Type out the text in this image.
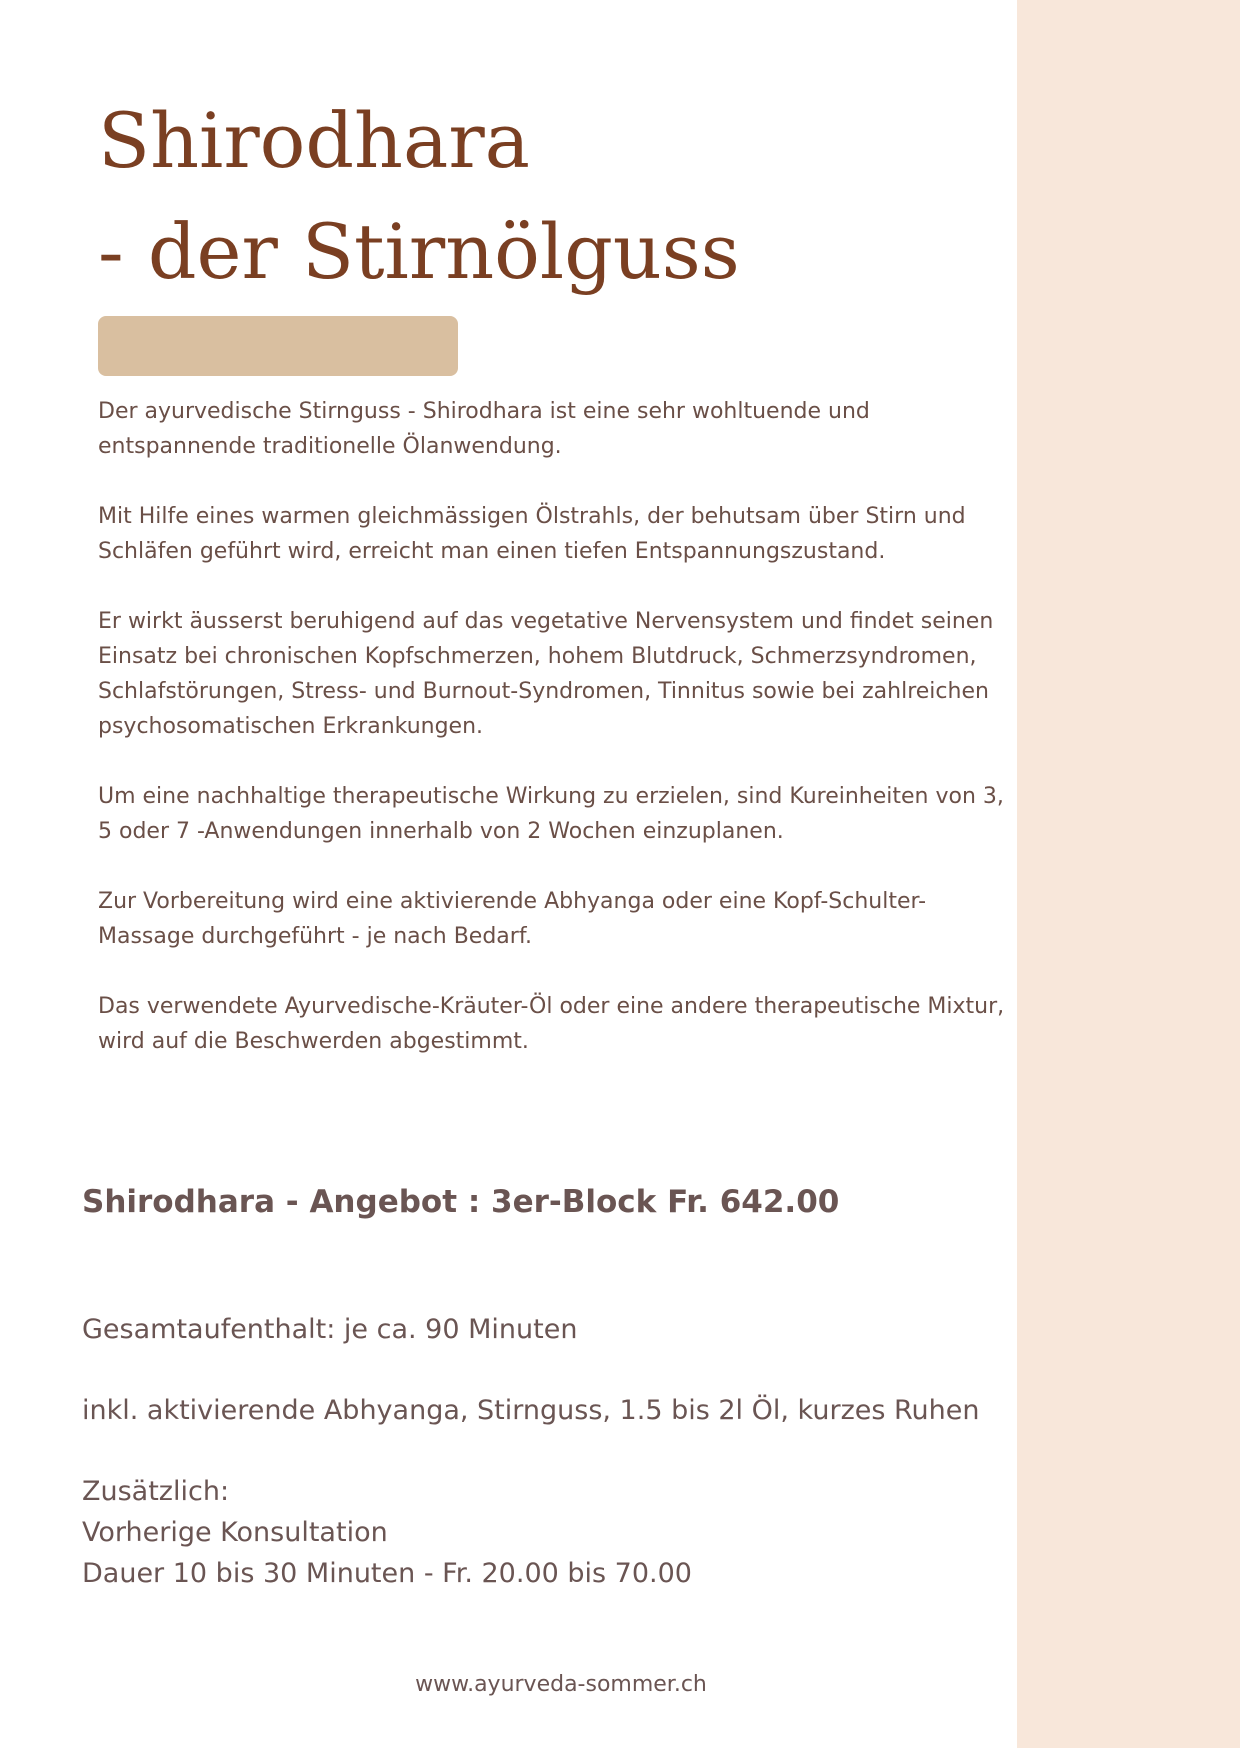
Shirodhara
- der Stirnölguss

Der ayurvedische Stirnguss - Shirodhara ist eine sehr wohltuende und entspannende traditionelle Ölanwendung.

Mit Hilfe eines warmen gleichmässigen Ölstrahls, der behutsam über Stirn und Schläfen geführt wird, erreicht man einen tiefen Entspannungszustand.

Er wirkt äusserst beruhigend auf das vegetative Nervensystem und findet seinen Einsatz bei chronischen Kopfschmerzen, hohem Blutdruck, Schmerzsyndromen, Schlafstörungen, Stress- und Burnout-Syndromen, Tinnitus sowie bei zahlreichen psychosomatischen Erkrankungen.

Um eine nachhaltige therapeutische Wirkung zu erzielen, sind Kureinheiten von 3, 5 oder 7 -Anwendungen innerhalb von 2 Wochen einzuplanen.

Zur Vorbereitung wird eine aktivierende Abhyanga oder eine Kopf-Schulter-Massage durchgeführt - je nach Bedarf.

Das verwendete Ayurvedische-Kräuter-Öl oder eine andere therapeutische Mixtur, wird auf die Beschwerden abgestimmt.

Shirodhara - Angebot : 3er-Block Fr. 642.00

Gesamtaufenthalt: je ca. 90 Minuten

inkl. aktivierende Abhyanga, Stirnguss, 1.5 bis 2l Öl, kurzes Ruhen

Zusätzlich:
Vorherige Konsultation
Dauer 10 bis 30 Minuten - Fr. 20.00 bis 70.00
www.ayurveda-sommer.ch
